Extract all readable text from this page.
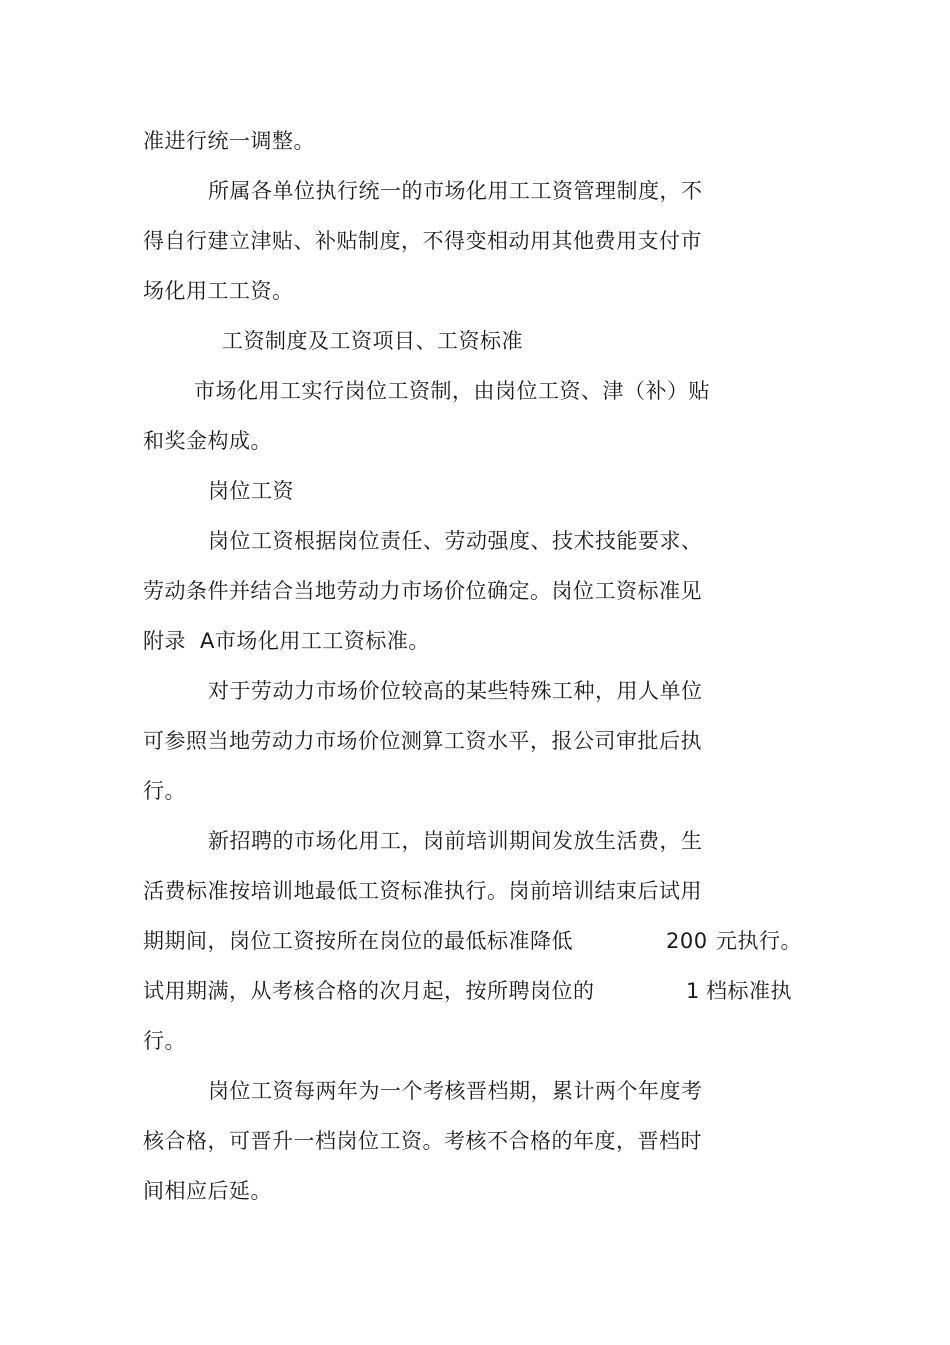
准进行统一调整。
所属各单位执行统一的市场化用工工资管理制度，不
得自行建立津贴、补贴制度，不得变相动用其他费用支付市
场化用工工资。
工资制度及工资项目、工资标准
市场化用工实行岗位工资制，由岗位工资、津（补）贴
和奖金构成。
岗位工资
岗位工资根据岗位责任、劳动强度、技术技能要求、
劳动条件并结合当地劳动力市场价位确定。岗位工资标准见
附录 A市场化用工工资标准。
对于劳动力市场价位较高的某些特殊工种，用人单位
可参照当地劳动力市场价位测算工资水平，报公司审批后执
行。
新招聘的市场化用工，岗前培训期间发放生活费，生
活费标准按培训地最低工资标准执行。岗前培训结束后试用
期期间，岗位工资按所在岗位的最低标准降低	200 元执行。
试用期满，从考核合格的次月起，按所聘岗位的	1 档标准执
行。
岗位工资每两年为一个考核晋档期，累计两个年度考
核合格，可晋升一档岗位工资。考核不合格的年度，晋档时
间相应后延。
